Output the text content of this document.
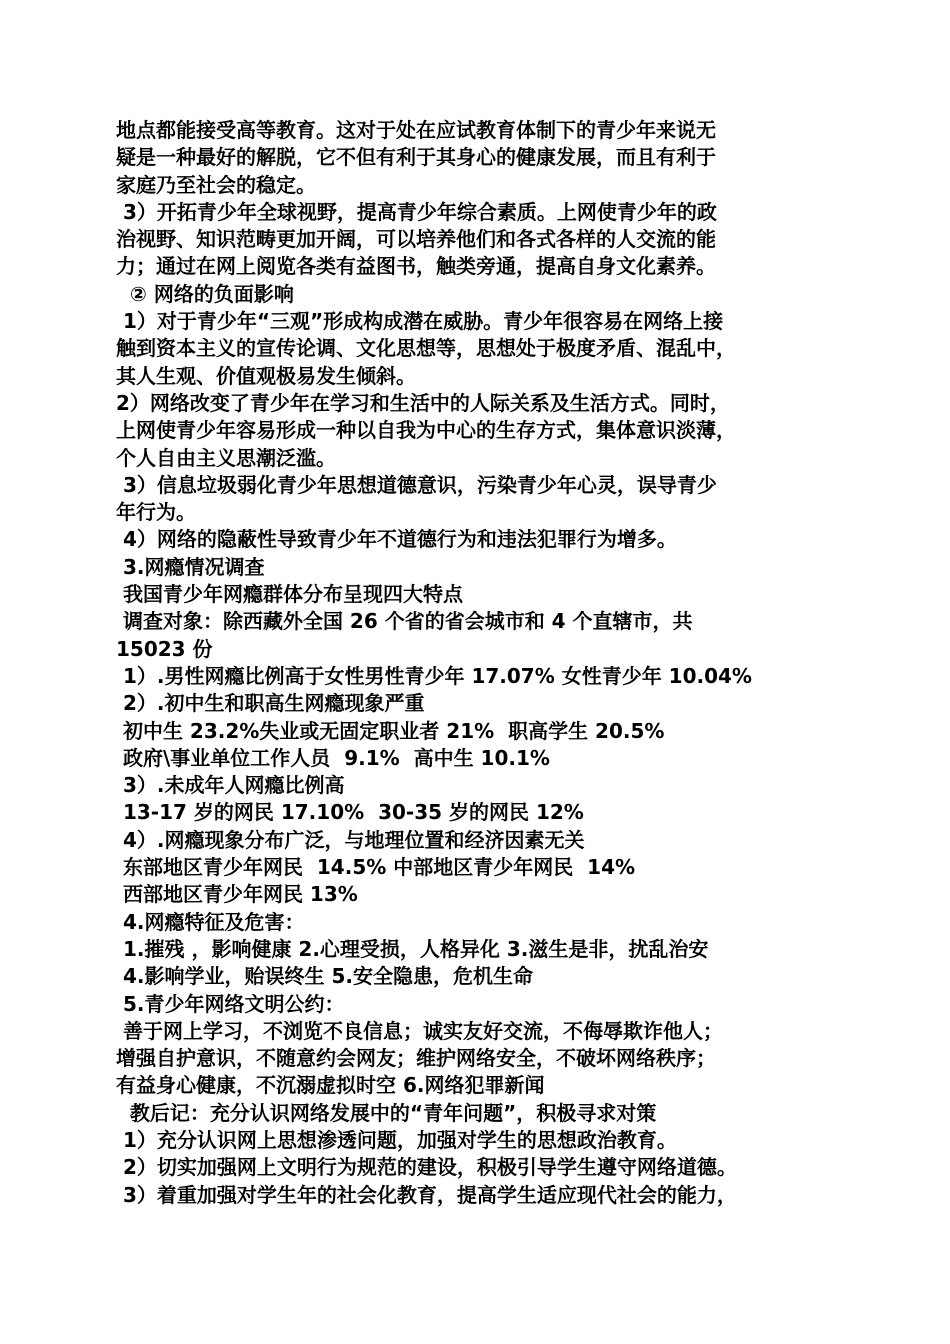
地点都能接受高等教育。这对于处在应试教育体制下的青少年来说无
疑是一种最好的解脱，它不但有利于其身心的健康发展，而且有利于
家庭乃至社会的稳定。
3）开拓青少年全球视野，提高青少年综合素质。上网使青少年的政
治视野、知识范畴更加开阔，可以培养他们和各式各样的人交流的能
力；通过在网上阅览各类有益图书，触类旁通，提高自身文化素养。
② 网络的负面影响
1）对于青少年“三观”形成构成潜在威胁。青少年很容易在网络上接
触到资本主义的宣传论调、文化思想等，思想处于极度矛盾、混乱中，
其人生观、价值观极易发生倾斜。
2）网络改变了青少年在学习和生活中的人际关系及生活方式。同时，
上网使青少年容易形成一种以自我为中心的生存方式，集体意识淡薄，
个人自由主义思潮泛滥。
3）信息垃圾弱化青少年思想道德意识，污染青少年心灵，误导青少
年行为。
4）网络的隐蔽性导致青少年不道德行为和违法犯罪行为增多。
3.网瘾情况调查
我国青少年网瘾群体分布呈现四大特点
调查对象：除西藏外全国 26 个省的省会城市和 4 个直辖市，共
15023 份
1）.男性网瘾比例高于女性男性青少年 17.07% 女性青少年 10.04%
2）.初中生和职高生网瘾现象严重
初中生 23.2%失业或无固定职业者 21%  职高学生 20.5%
政府\事业单位工作人员  9.1%  高中生 10.1%
3）.未成年人网瘾比例高
13-17 岁的网民 17.10%  30-35 岁的网民 12%
4）.网瘾现象分布广泛，与地理位置和经济因素无关
东部地区青少年网民  14.5% 中部地区青少年网民  14%
西部地区青少年网民 13%
4.网瘾特征及危害：
1.摧残 ，影响健康 2.心理受损，人格异化 3.滋生是非，扰乱治安
4.影响学业，贻误终生 5.安全隐患，危机生命
5.青少年网络文明公约：
善于网上学习，不浏览不良信息；诚实友好交流，不侮辱欺诈他人；
增强自护意识，不随意约会网友；维护网络安全，不破坏网络秩序；
有益身心健康，不沉溺虚拟时空 6.网络犯罪新闻
教后记：充分认识网络发展中的“青年问题”，积极寻求对策
1）充分认识网上思想渗透问题，加强对学生的思想政治教育。
2）切实加强网上文明行为规范的建设，积极引导学生遵守网络道德。
3）着重加强对学生年的社会化教育，提高学生适应现代社会的能力，
